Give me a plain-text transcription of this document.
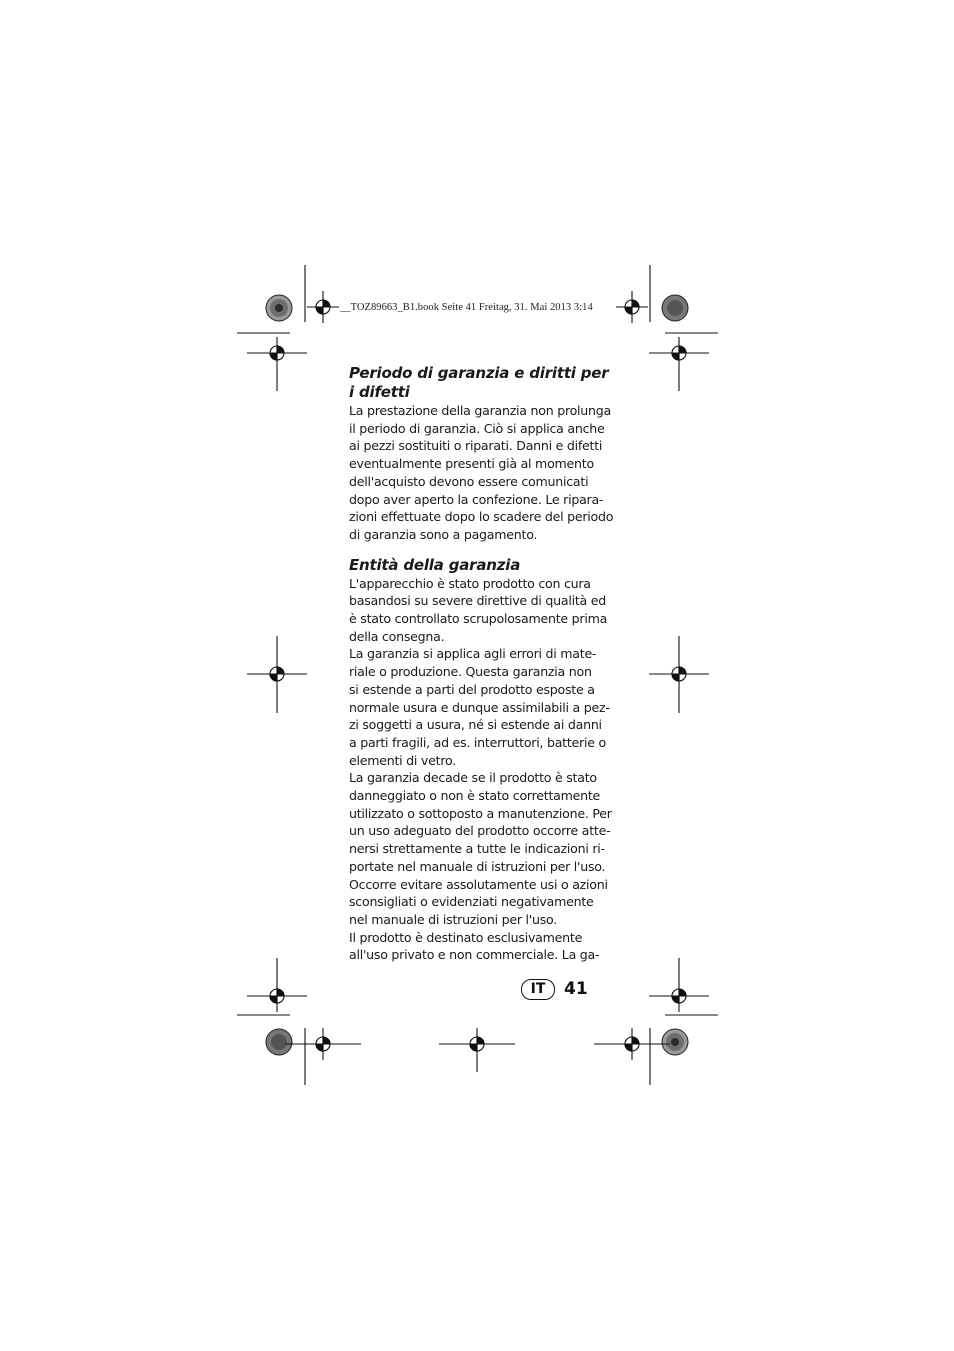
__TOZ89663_B1.book Seite 41 Freitag, 31. Mai 2013 3:14
Periodo di garanzia e diritti per
i difetti

La prestazione della garanzia non prolunga
il periodo di garanzia. Ciò si applica anche
ai pezzi sostituiti o riparati. Danni e difetti
eventualmente presenti già al momento
dell'acquisto devono essere comunicati
dopo aver aperto la confezione. Le ripara-
zioni effettuate dopo lo scadere del periodo
di garanzia sono a pagamento.

Entità della garanzia

L'apparecchio è stato prodotto con cura
basandosi su severe direttive di qualità ed
è stato controllato scrupolosamente prima
della consegna.
La garanzia si applica agli errori di mate-
riale o produzione. Questa garanzia non
si estende a parti del prodotto esposte a
normale usura e dunque assimilabili a pez-
zi soggetti a usura, né si estende ai danni
a parti fragili, ad es. interruttori, batterie o
elementi di vetro.
La garanzia decade se il prodotto è stato
danneggiato o non è stato correttamente
utilizzato o sottoposto a manutenzione. Per
un uso adeguato del prodotto occorre atte-
nersi strettamente a tutte le indicazioni ri-
portate nel manuale di istruzioni per l'uso.
Occorre evitare assolutamente usi o azioni
sconsigliati o evidenziati negativamente
nel manuale di istruzioni per l'uso.
Il prodotto è destinato esclusivamente
all'uso privato e non commerciale. La ga-

IT	41
